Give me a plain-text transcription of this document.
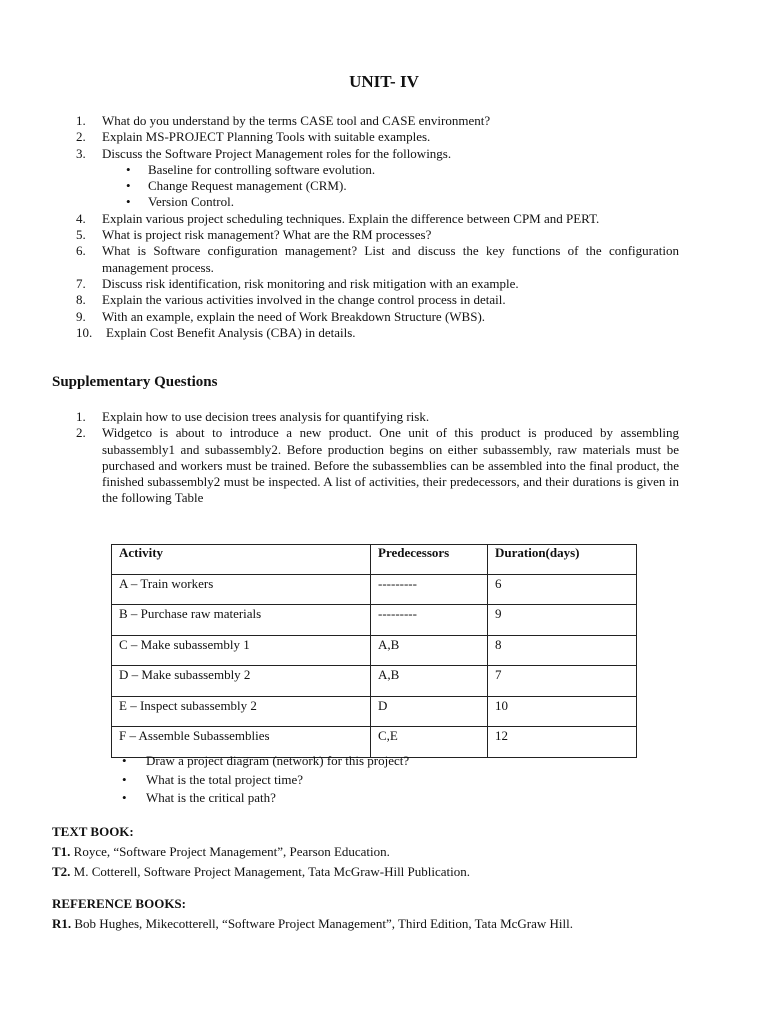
UNIT- IV
1. What do you understand by the terms CASE tool and CASE environment?
2. Explain MS-PROJECT Planning Tools with suitable examples.
3. Discuss the Software Project Management roles for the followings.
• Baseline for controlling software evolution.
• Change Request management (CRM).
• Version Control.
4. Explain various project scheduling techniques. Explain the difference between CPM and PERT.
5. What is project risk management? What are the RM processes?
6. What is Software configuration management? List and discuss the key functions of the configuration management process.
7. Discuss risk identification, risk monitoring and risk mitigation with an example.
8. Explain the various activities involved in the change control process in detail.
9. With an example, explain the need of Work Breakdown Structure (WBS).
10. Explain Cost Benefit Analysis (CBA) in details.
Supplementary Questions
1. Explain how to use decision trees analysis for quantifying risk.
2. Widgetco is about to introduce a new product. One unit of this product is produced by assembling subassembly1 and subassembly2. Before production begins on either subassembly, raw materials must be purchased and workers must be trained. Before the subassemblies can be assembled into the final product, the finished subassembly2 must be inspected. A list of activities, their predecessors, and their durations is given in the following Table
Activity	Predecessors	Duration(days)
A – Train workers	---------	6
B – Purchase raw materials	---------	9
C – Make subassembly 1	A,B	8
D – Make subassembly 2	A,B	7
E – Inspect subassembly 2	D	10
F – Assemble Subassemblies	C,E	12
• Draw a project diagram (network) for this project?
• What is the total project time?
• What is the critical path?
TEXT BOOK:
T1. Royce, “Software Project Management”, Pearson Education.
T2. M. Cotterell, Software Project Management, Tata McGraw-Hill Publication.
REFERENCE BOOKS:
R1. Bob Hughes, Mikecotterell, “Software Project Management”, Third Edition, Tata McGraw Hill.
